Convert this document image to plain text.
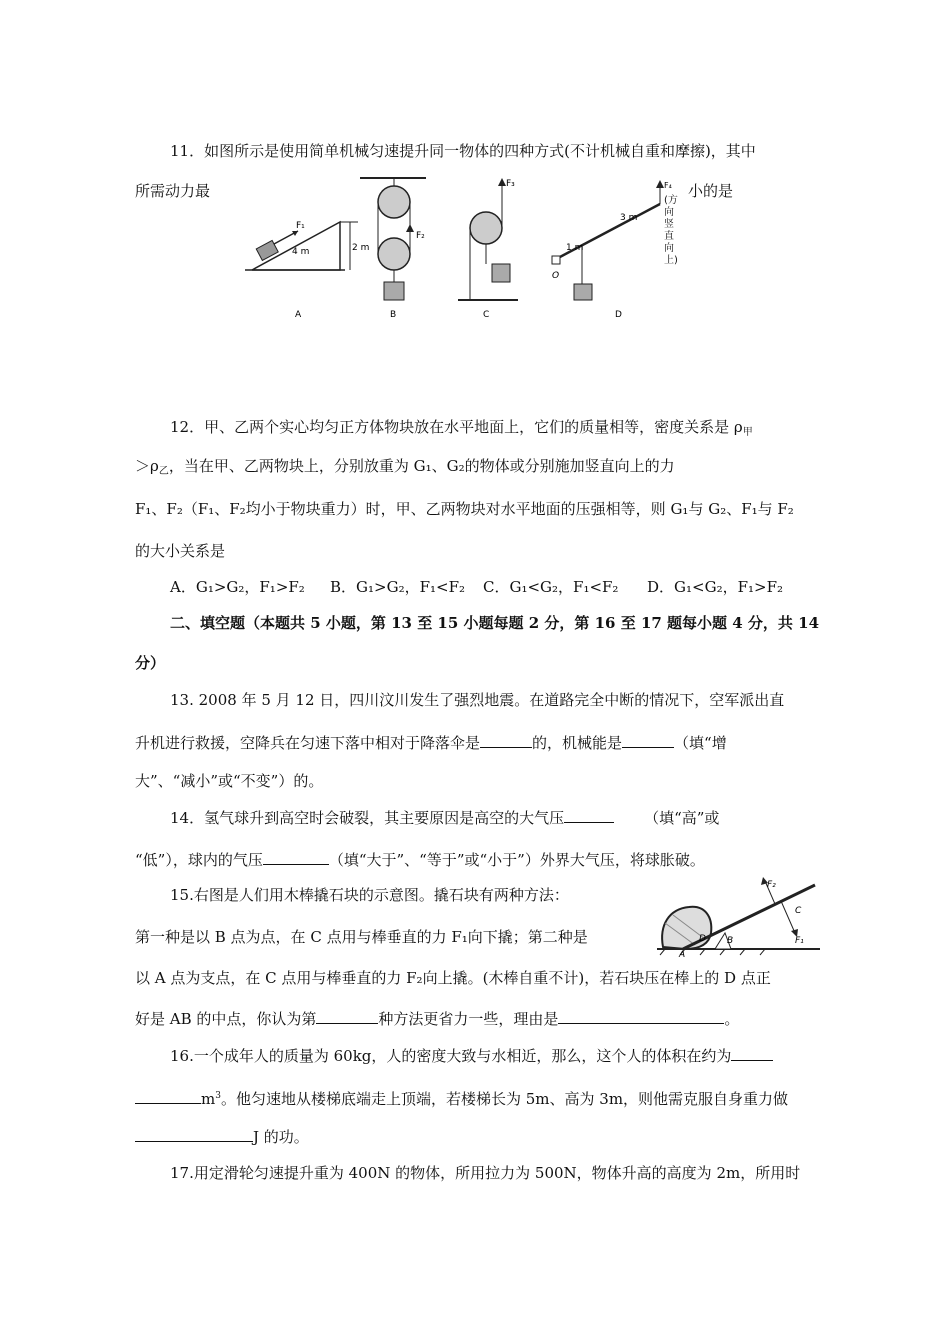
11．如图所示是使用简单机械匀速提升同一物体的四种方式(不计机械自重和摩擦)，其中
所需动力最	小的是
F₁
4 m	2 m
A
F₂
B
F₃
C
O
F₄
3 m
1 m
D
(方向竖直向上)
12．甲、乙两个实心均匀正方体物块放在水平地面上，它们的质量相等，密度关系是 $\rho_甲$
$>\rho_乙$，当在甲、乙两物块上，分别放重为 G₁、G₂的物体或分别施加竖直向上的力
F₁、F₂（F₁、F₂均小于物块重力）时，甲、乙两物块对水平地面的压强相等，则 G₁与 G₂、F₁与 F₂
的大小关系是
A．G₁>G₂，F₁>F₂ B．G₁>G₂，F₁<F₂ C．G₁<G₂，F₁<F₂ D．G₁<G₂，F₁>F₂
二、填空题（本题共 5 小题，第 13 至 15 小题每题 2 分，第 16 至 17 题每小题 4 分，共 14
分）
13. 2008 年 5 月 12 日，四川汶川发生了强烈地震。在道路完全中断的情况下，空军派出直
升机进行救援，空降兵在匀速下落中相对于降落伞是	的，机械能是	（填“增
大”、“减小”或“不变”）的。
14．氢气球升到高空时会破裂，其主要原因是高空的大气压	（填“高”或
“低”），球内的气压	（填“大于”、“等于”或“小于”）外界大气压，将球胀破。
15.右图是人们用木棒撬石块的示意图。撬石块有两种方法：
第一种是以 B 点为点，在 C 点用与棒垂直的力 F₁向下撬；第二种是
以 A 点为支点，在 C 点用与棒垂直的力 F₂向上撬。(木棒自重不计)，若石块压在棒上的 D 点正
好是 AB 的中点，你认为第	种方法更省力一些，理由是	。
F₂
F₁
C
B
A
D
16.一个成年人的质量为 60kg，人的密度大致与水相近，那么，这个人的体积在约为
$m^3$。他匀速地从楼梯底端走上顶端，若楼梯长为 5m、高为 3m，则他需克服自身重力做
J 的功。
17.用定滑轮匀速提升重为 400N 的物体，所用拉力为 500N，物体升高的高度为 2m，所用时
